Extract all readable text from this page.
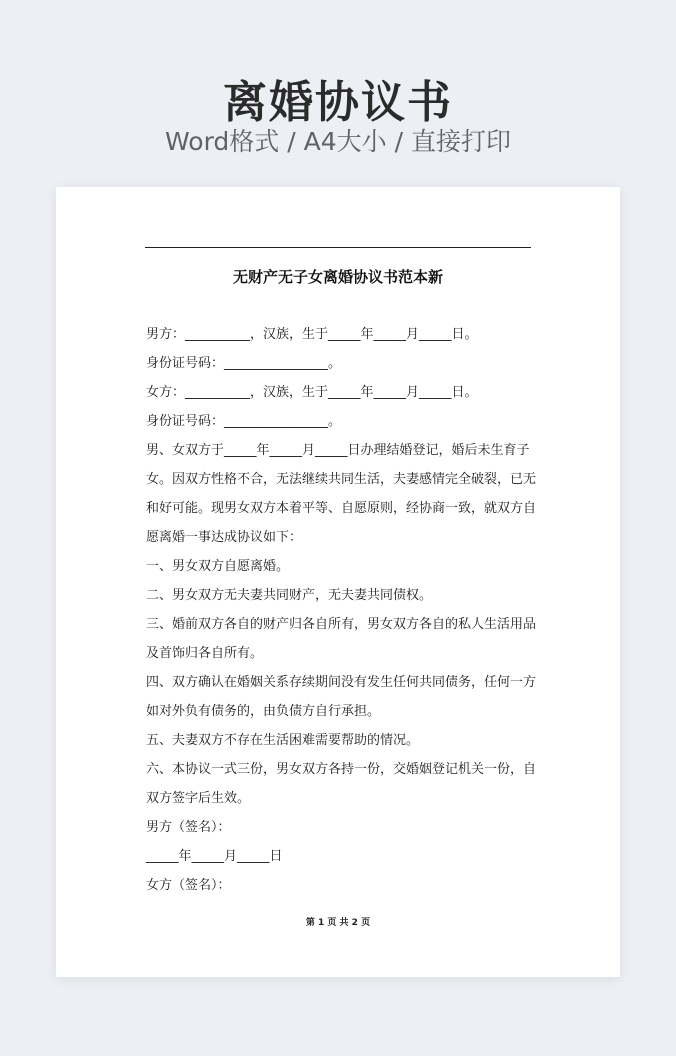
离婚协议书
Word格式 / A4大小 / 直接打印
无财产无子女离婚协议书范本新
男方：__________，汉族，生于_____年_____月_____日。
身份证号码：________________。
女方：__________，汉族，生于_____年_____月_____日。
身份证号码：________________。
男、女双方于_____年_____月_____日办理结婚登记，婚后未生育子
女。因双方性格不合，无法继续共同生活，夫妻感情完全破裂，已无
和好可能。现男女双方本着平等、自愿原则，经协商一致，就双方自
愿离婚一事达成协议如下：
一、男女双方自愿离婚。
二、男女双方无夫妻共同财产，无夫妻共同债权。
三、婚前双方各自的财产归各自所有，男女双方各自的私人生活用品
及首饰归各自所有。
四、双方确认在婚姻关系存续期间没有发生任何共同债务，任何一方
如对外负有债务的，由负债方自行承担。
五、夫妻双方不存在生活困难需要帮助的情况。
六、本协议一式三份，男女双方各持一份，交婚姻登记机关一份，自
双方签字后生效。
男方（签名）：
_____年_____月_____日
女方（签名）：
第 1 页 共 2 页
